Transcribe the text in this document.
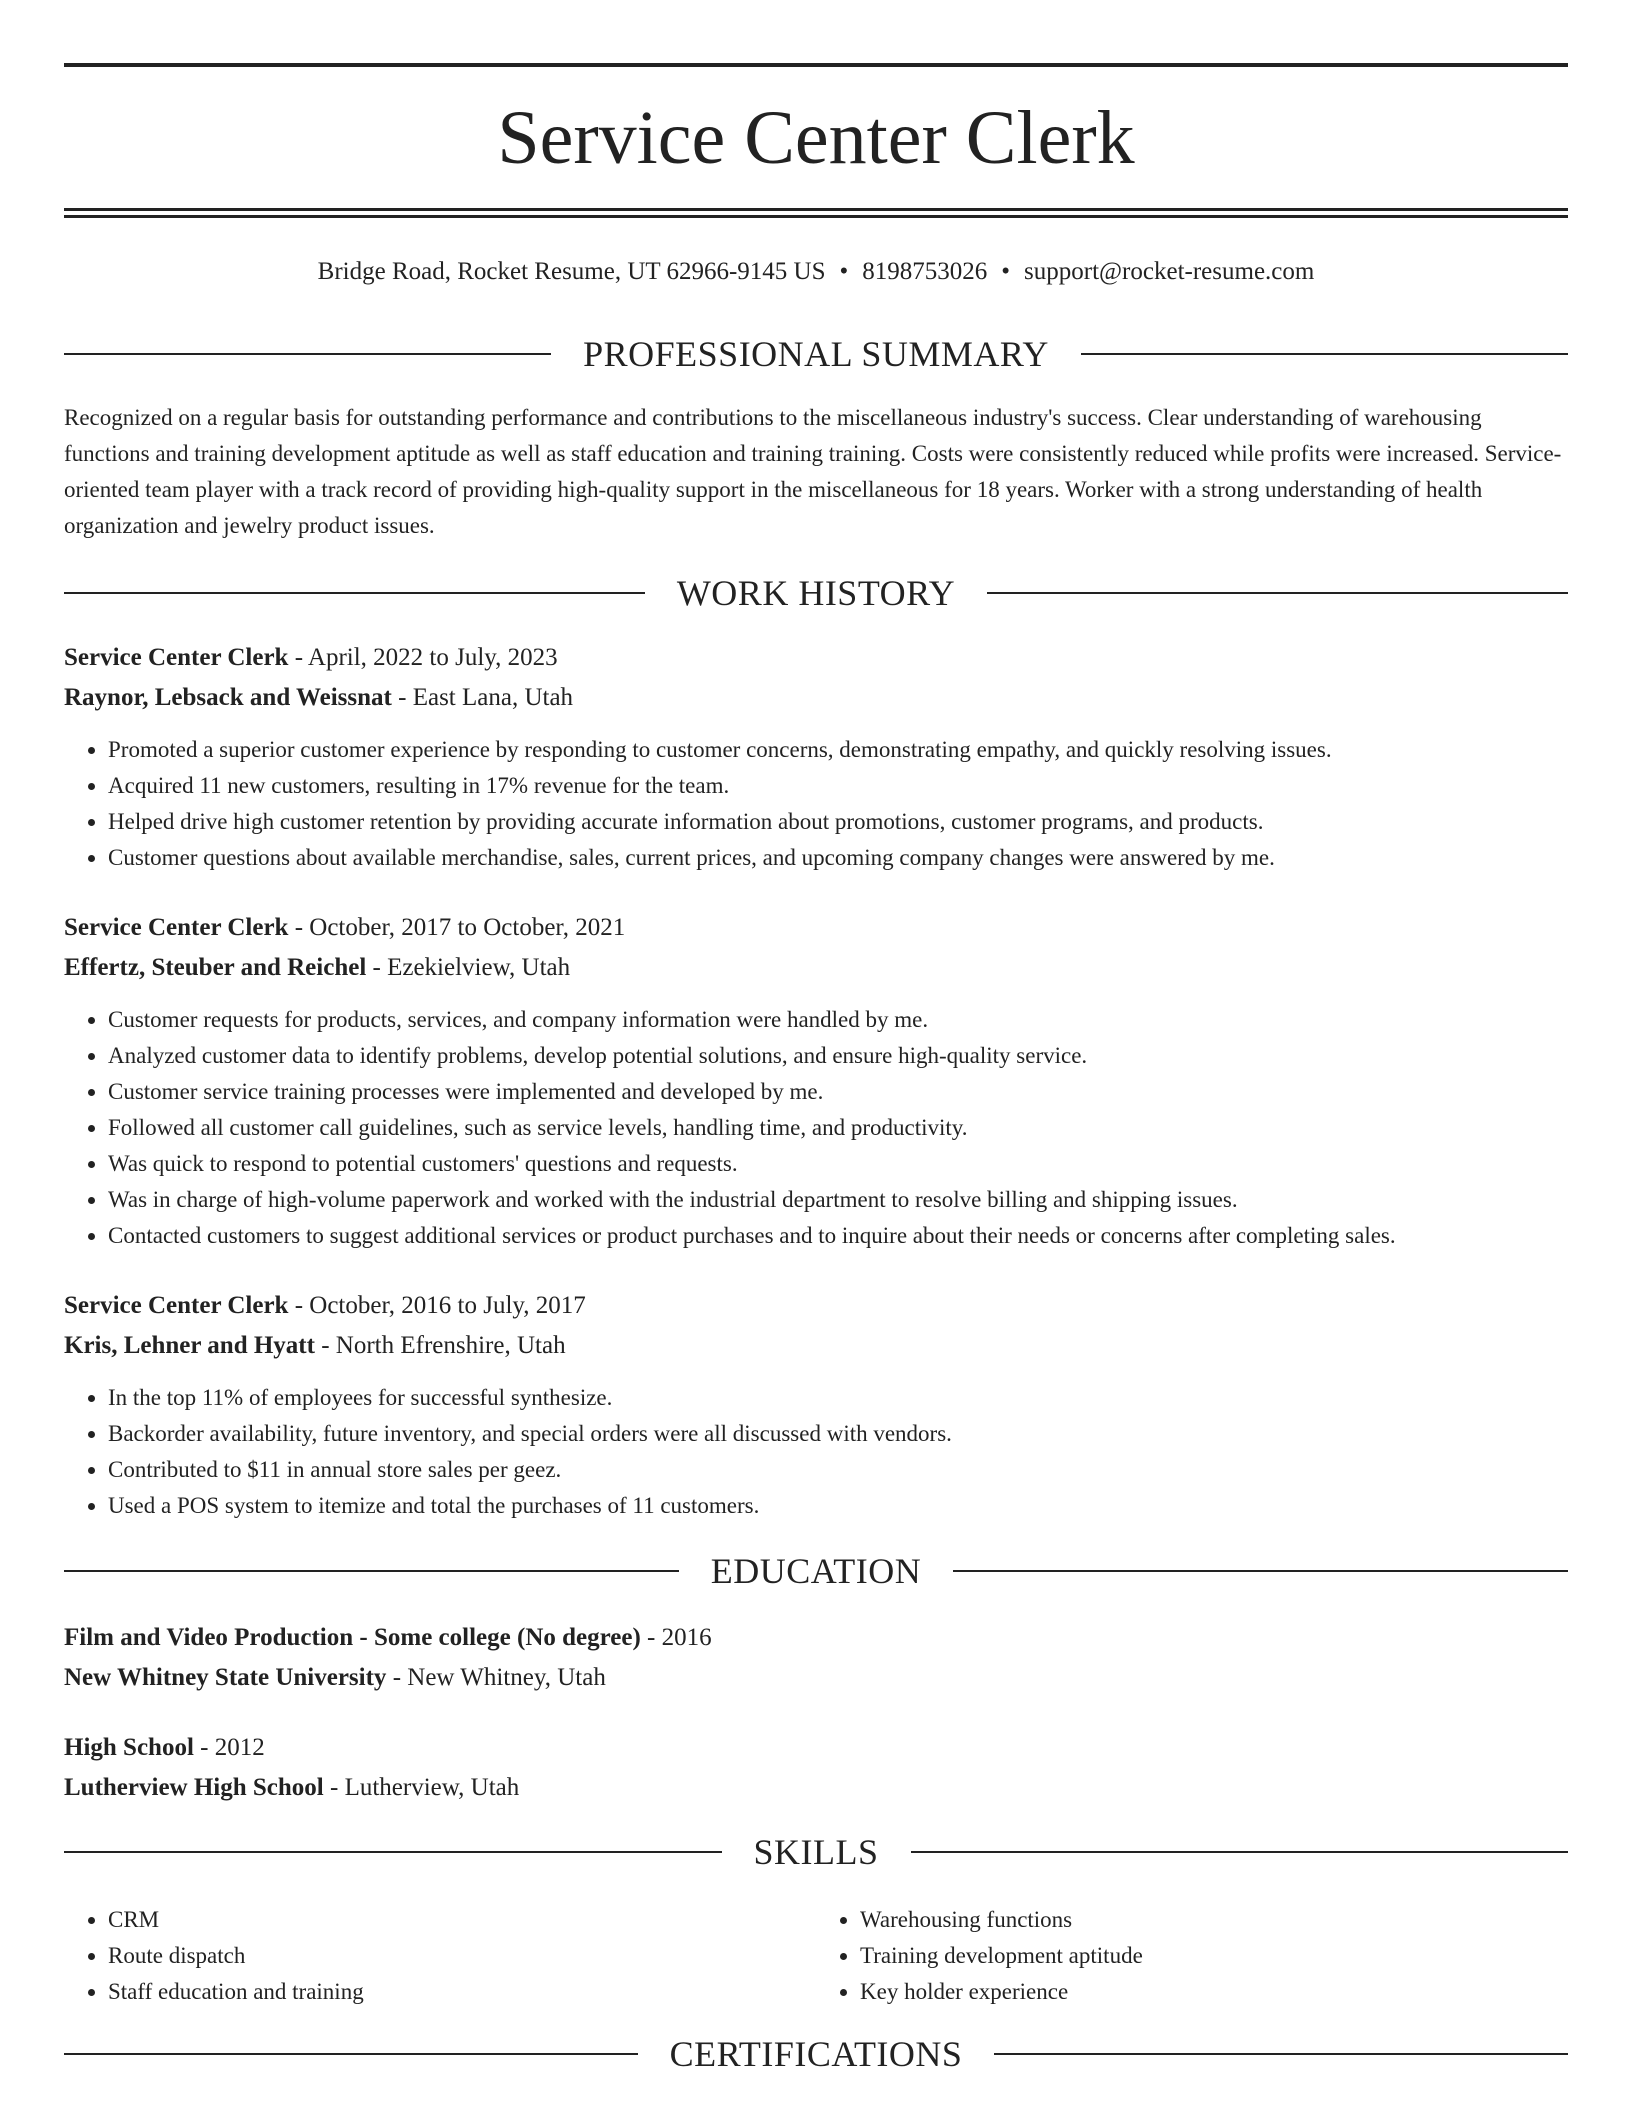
Service Center Clerk
Bridge Road, Rocket Resume, UT 62966-9145 US • 8198753026 • support@rocket-resume.com
PROFESSIONAL SUMMARY

Recognized on a regular basis for outstanding performance and contributions to the miscellaneous industry's success. Clear understanding of warehousing functions and training development aptitude as well as staff education and training training. Costs were consistently reduced while profits were increased. Service-oriented team player with a track record of providing high-quality support in the miscellaneous for 18 years. Worker with a strong understanding of health organization and jewelry product issues.

WORK HISTORY

Service Center Clerk - April, 2022 to July, 2023

Raynor, Lebsack and Weissnat - East Lana, Utah

• Promoted a superior customer experience by responding to customer concerns, demonstrating empathy, and quickly resolving issues.
• Acquired 11 new customers, resulting in 17% revenue for the team.
• Helped drive high customer retention by providing accurate information about promotions, customer programs, and products.
• Customer questions about available merchandise, sales, current prices, and upcoming company changes were answered by me.

Service Center Clerk - October, 2017 to October, 2021

Effertz, Steuber and Reichel - Ezekielview, Utah

• Customer requests for products, services, and company information were handled by me.
• Analyzed customer data to identify problems, develop potential solutions, and ensure high-quality service.
• Customer service training processes were implemented and developed by me.
• Followed all customer call guidelines, such as service levels, handling time, and productivity.
• Was quick to respond to potential customers' questions and requests.
• Was in charge of high-volume paperwork and worked with the industrial department to resolve billing and shipping issues.
• Contacted customers to suggest additional services or product purchases and to inquire about their needs or concerns after completing sales.

Service Center Clerk - October, 2016 to July, 2017

Kris, Lehner and Hyatt - North Efrenshire, Utah

• In the top 11% of employees for successful synthesize.
• Backorder availability, future inventory, and special orders were all discussed with vendors.
• Contributed to $11 in annual store sales per geez.
• Used a POS system to itemize and total the purchases of 11 customers.
EDUCATION

Film and Video Production - Some college (No degree) - 2016

New Whitney State University - New Whitney, Utah

High School - 2012

Lutherview High School - Lutherview, Utah

SKILLS
• CRM
• Route dispatch
• Staff education and training
• Warehousing functions
• Training development aptitude
• Key holder experience
CERTIFICATIONS
